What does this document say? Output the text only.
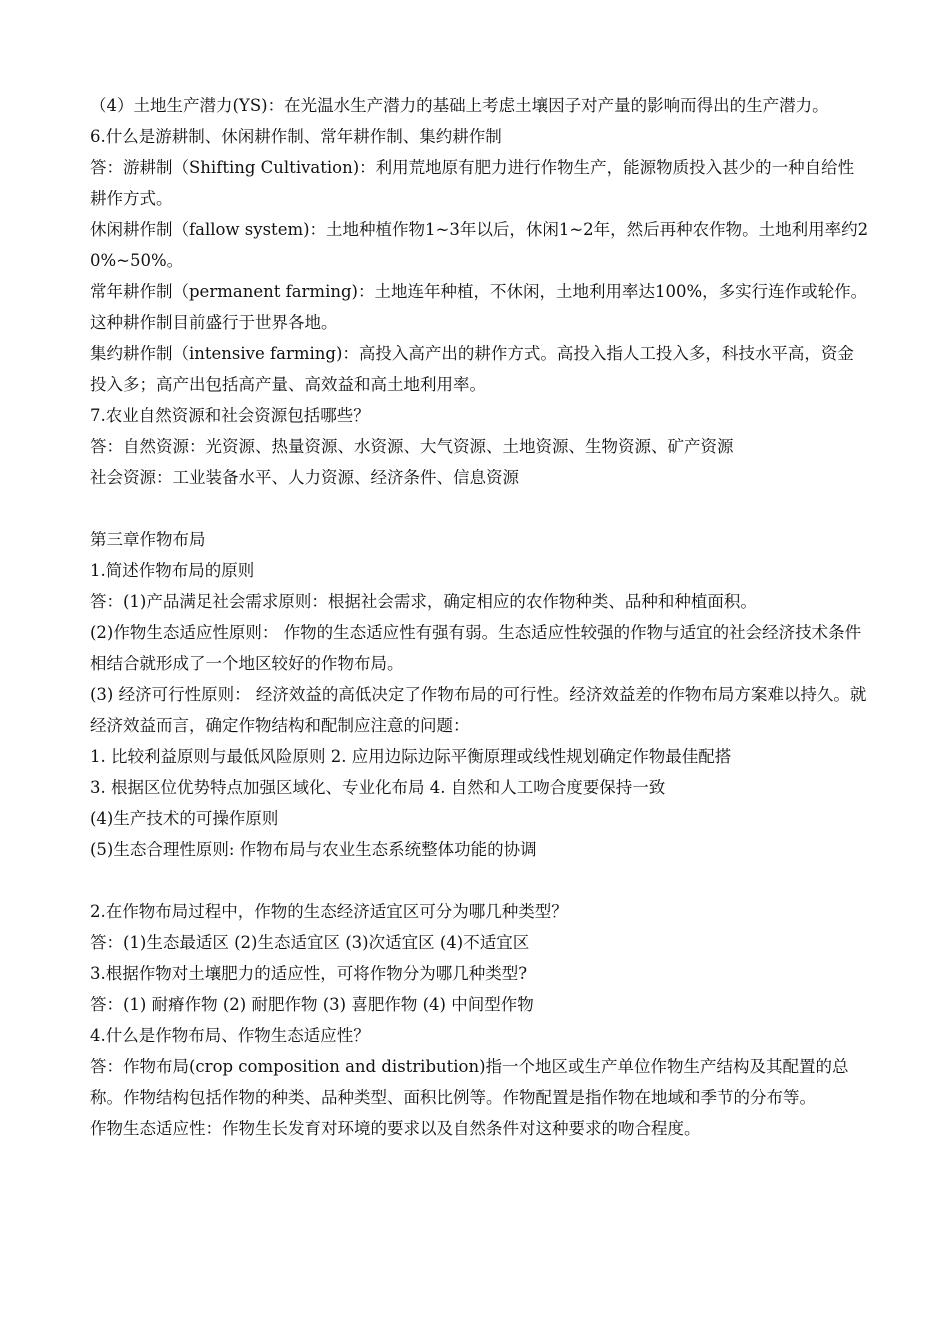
（4）土地生产潜力(YS)：在光温水生产潜力的基础上考虑土壤因子对产量的影响而得出的生产潜力。

6.什么是游耕制、休闲耕作制、常年耕作制、集约耕作制

答：游耕制（Shifting Cultivation)：利用荒地原有肥力进行作物生产，能源物质投入甚少的一种自给性耕作方式。

休闲耕作制（fallow system)：土地种植作物1~3年以后，休闲1~2年，然后再种农作物。土地利用率约20%~50%。

常年耕作制（permanent farming)：土地连年种植，不休闲，土地利用率达100%，多实行连作或轮作。这种耕作制目前盛行于世界各地。

集约耕作制（intensive farming)：高投入高产出的耕作方式。高投入指人工投入多，科技水平高，资金投入多；高产出包括高产量、高效益和高土地利用率。

7.农业自然资源和社会资源包括哪些？

答：自然资源：光资源、热量资源、水资源、大气资源、土地资源、生物资源、矿产资源

社会资源：工业装备水平、人力资源、经济条件、信息资源

第三章作物布局

1.简述作物布局的原则

答：(1)产品满足社会需求原则：根据社会需求，确定相应的农作物种类、品种和种植面积。

(2)作物生态适应性原则： 作物的生态适应性有强有弱。生态适应性较强的作物与适宜的社会经济技术条件相结合就形成了一个地区较好的作物布局。

(3) 经济可行性原则： 经济效益的高低决定了作物布局的可行性。经济效益差的作物布局方案难以持久。就经济效益而言，确定作物结构和配制应注意的问题：

1. 比较利益原则与最低风险原则 2. 应用边际边际平衡原理或线性规划确定作物最佳配搭

3. 根据区位优势特点加强区域化、专业化布局 4. 自然和人工吻合度要保持一致

(4)生产技术的可操作原则

(5)生态合理性原则: 作物布局与农业生态系统整体功能的协调

2.在作物布局过程中，作物的生态经济适宜区可分为哪几种类型？

答：(1)生态最适区 (2)生态适宜区 (3)次适宜区 (4)不适宜区

3.根据作物对土壤肥力的适应性，可将作物分为哪几种类型?

答：(1) 耐瘠作物 (2) 耐肥作物 (3) 喜肥作物 (4) 中间型作物

4.什么是作物布局、作物生态适应性？

答：作物布局(crop composition and distribution)指一个地区或生产单位作物生产结构及其配置的总称。作物结构包括作物的种类、品种类型、面积比例等。作物配置是指作物在地域和季节的分布等。

作物生态适应性：作物生长发育对环境的要求以及自然条件对这种要求的吻合程度。
